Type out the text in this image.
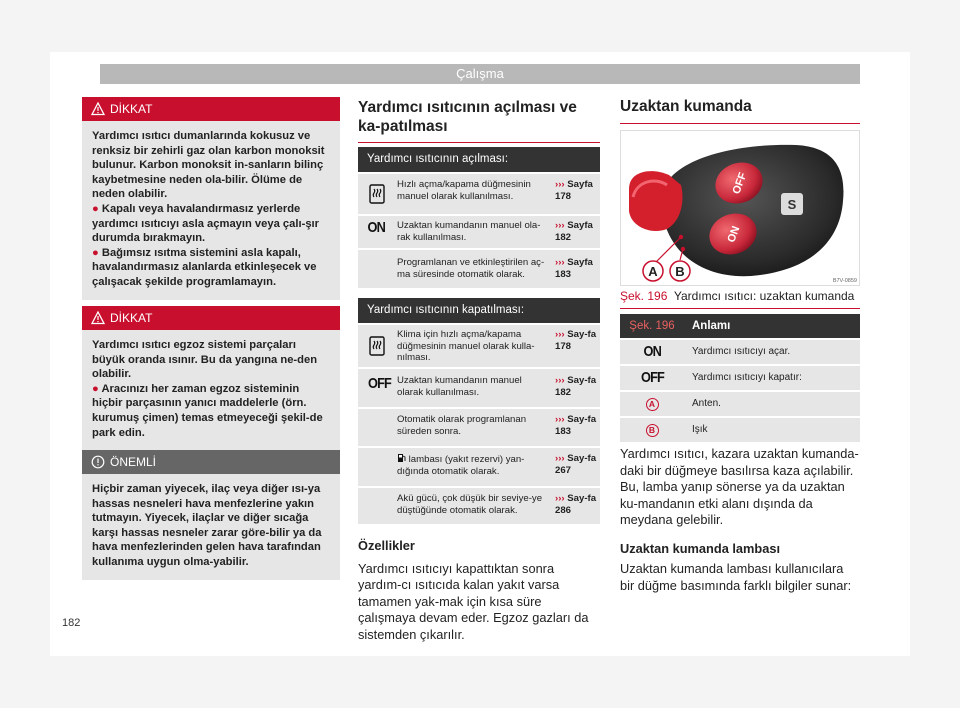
Çalışma
DİKKAT

Yardımcı ısıtıcı dumanlarında kokusuz ve renksiz bir zehirli gaz olan karbon monoksit bulunur. Karbon monoksit in-sanların bilinç kaybetmesine neden ola-bilir. Ölüme de neden olabilir.

● Kapalı veya havalandırmasız yerlerde yardımcı ısıtıcıyı asla açmayın veya çalı-şır durumda bırakmayın.

● Bağımsız ısıtma sistemini asla kapalı, havalandırmasız alanlarda etkinleşecek ve çalışacak şekilde programlamayın.

DİKKAT

Yardımcı ısıtıcı egzoz sistemi parçaları büyük oranda ısınır. Bu da yangına ne-den olabilir.

● Aracınızı her zaman egzoz sisteminin hiçbir parçasının yanıcı maddelerle (örn. kurumuş çimen) temas etmeyeceği şekil-de park edin.

ÖNEMLİ

Hiçbir zaman yiyecek, ilaç veya diğer ısı-ya hassas nesneleri hava menfezlerine yakın tutmayın. Yiyecek, ilaçlar ve diğer sıcağa karşı hassas nesneler zarar göre-bilir ya da hava menfezlerinden gelen hava tarafından kullanıma uygun olma-yabilir.

Yardımcı ısıtıcının açılması ve ka-patılması
Yardımcı ısıtıcının açılması:
Hızlı açma/kapama düğmesinin manuel olarak kullanılması.
››› Sayfa 178
ON	Uzaktan kumandanın manuel ola-rak kullanılması.
››› Sayfa 182
Programlanan ve etkinleştirilen aç-ma süresinde otomatik olarak.
››› Sayfa 183
Yardımcı ısıtıcının kapatılması:
Klima için hızlı açma/kapama düğmesinin manuel olarak kulla-nılması.
››› Say-fa 178
OFF Uzaktan kumandanın manuel olarak kullanılması.
››› Say-fa 182
Otomatik olarak programlanan süreden sonra.
››› Say-fa 183
lambası (yakıt rezervi) yan-dığında otomatik olarak.
››› Say-fa 267
Akü gücü, çok düşük bir seviye-ye düştüğünde otomatik olarak.
››› Say-fa 286
Özellikler
Yardımcı ısıtıcıyı kapattıktan sonra yardım-cı ısıtıcıda kalan yakıt varsa tamamen yak-mak için kısa süre çalışmaya devam eder. Egzoz gazları da sistemden çıkarılır.
Uzaktan kumanda
OFF
ON
S
A B
B7V-0859
Şek. 196 Yardımcı ısıtıcı: uzaktan kumanda
Şek. 196	Anlamı
ON	Yardımcı ısıtıcıyı açar.
OFF	Yardımcı ısıtıcıyı kapatır:
A	Anten.
B	Işık
Yardımcı ısıtıcı, kazara uzaktan kumanda-daki bir düğmeye basılırsa kaza açılabilir. Bu, lamba yanıp sönerse ya da uzaktan ku-mandanın etki alanı dışında da meydana gelebilir.
Uzaktan kumanda lambası
Uzaktan kumanda lambası kullanıcılara bir düğme basımında farklı bilgiler sunar:
182
